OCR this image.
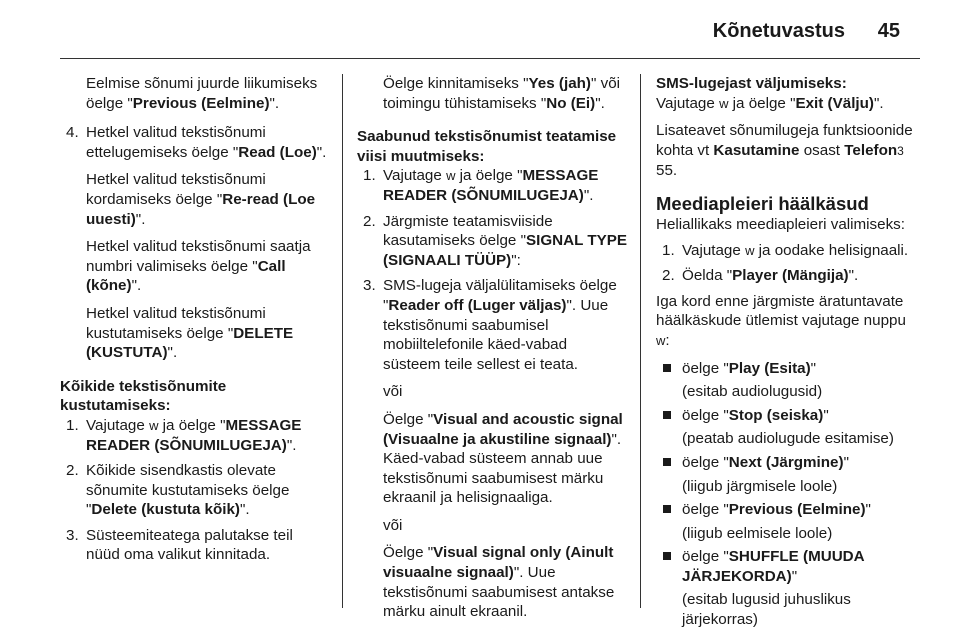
Kõnetuvastus 45

Eelmise sõnumi juurde liikumiseks öelge "Previous (Eelmine)".

4. Hetkel valitud tekstisõnumi ettelugemiseks öelge "Read (Loe)".

Hetkel valitud tekstisõnumi kordamiseks öelge "Re-read (Loe uuesti)".

Hetkel valitud tekstisõnumi saatja numbri valimiseks öelge "Call (kõne)".

Hetkel valitud tekstisõnumi kustutamiseks öelge "DELETE (KUSTUTA)".

Kõikide tekstisõnumite kustutamiseks:

1. Vajutage w ja öelge "MESSAGE READER (SÕNUMILUGEJA)".

2. Kõikide sisendkastis olevate sõnumite kustutamiseks öelge "Delete (kustuta kõik)".

3. Süsteemiteatega palutakse teil nüüd oma valikut kinnitada.

Öelge kinnitamiseks "Yes (jah)" või toimingu tühistamiseks "No (Ei)".

Saabunud tekstisõnumist teatamise viisi muutmiseks:

1. Vajutage w ja öelge "MESSAGE READER (SÕNUMILUGEJA)".

2. Järgmiste teatamisviiside kasutamiseks öelge "SIGNAL TYPE (SIGNAALI TÜÜP)":

3. SMS-lugeja väljalülitamiseks öelge "Reader off (Luger väljas)". Uue tekstisõnumi saabumisel mobiiltelefonile käed-vabad süsteem teile sellest ei teata.

või

Öelge "Visual and acoustic signal (Visuaalne ja akustiline signaal)". Käed-vabad süsteem annab uue tekstisõnumi saabumisest märku ekraanil ja helisignaaliga.

või

Öelge "Visual signal only (Ainult visuaalne signaal)". Uue tekstisõnumi saabumisest antakse märku ainult ekraanil.

SMS-lugejast väljumiseks:

Vajutage w ja öelge "Exit (Välju)".

Lisateavet sõnumilugeja funktsioonide kohta vt Kasutamine osast Telefon3 55.

Meediapleieri häälkäsud

Heliallikaks meediapleieri valimiseks:

1. Vajutage w ja oodake helisignaali.

2. Öelda "Player (Mängija)".

Iga kord enne järgmiste äratuntavate häälkäskude ütlemist vajutage nuppu
w:

öelge "Play (Esita)"

(esitab audiolugusid)

öelge "Stop (seiska)"

(peatab audiolugude esitamise)

öelge "Next (Järgmine)"

(liigub järgmisele loole)

öelge "Previous (Eelmine)"

(liigub eelmisele loole)

öelge "SHUFFLE (MUUDA JÄRJEKORDA)"

(esitab lugusid juhuslikus järjekorras)
